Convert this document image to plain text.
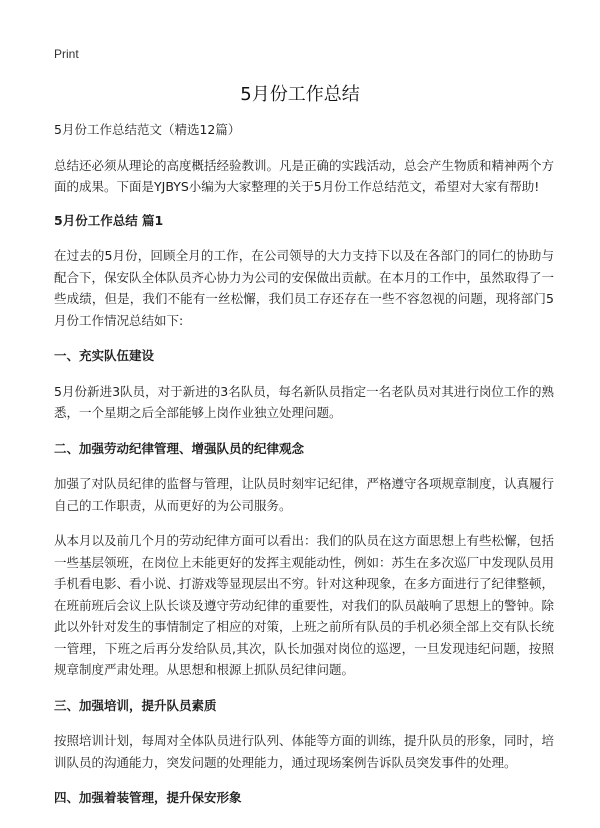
Print
5月份工作总结

5月份工作总结范文（精选12篇）

总结还必须从理论的高度概括经验教训。凡是正确的实践活动，总会产生物质和精神两个方面的成果。下面是YJBYS小编为大家整理的关于5月份工作总结范文，希望对大家有帮助!

5月份工作总结 篇1

在过去的5月份，回顾全月的工作，在公司领导的大力支持下以及在各部门的同仁的协助与配合下，保安队全体队员齐心协力为公司的安保做出贡献。在本月的工作中，虽然取得了一些成绩，但是，我们不能有一丝松懈，我们员工存还存在一些不容忽视的问题，现将部门5月份工作情况总结如下:

一、充实队伍建设

5月份新进3队员，对于新进的3名队员，每名新队员指定一名老队员对其进行岗位工作的熟悉，一个星期之后全部能够上岗作业独立处理问题。

二、加强劳动纪律管理、增强队员的纪律观念

加强了对队员纪律的监督与管理，让队员时刻牢记纪律，严格遵守各项规章制度，认真履行自己的工作职责，从而更好的为公司服务。

从本月以及前几个月的劳动纪律方面可以看出：我们的队员在这方面思想上有些松懈，包括一些基层领班，在岗位上未能更好的发挥主观能动性，例如：苏生在多次巡厂中发现队员用手机看电影、看小说、打游戏等显现层出不穷。针对这种现象，在多方面进行了纪律整顿，在班前班后会议上队长谈及遵守劳动纪律的重要性，对我们的队员敲响了思想上的警钟。除此以外针对发生的事情制定了相应的对策，上班之前所有队员的手机必须全部上交有队长统一管理，下班之后再分发给队员,其次，队长加强对岗位的巡逻，一旦发现违纪问题，按照规章制度严肃处理。从思想和根源上抓队员纪律问题。

三、加强培训，提升队员素质

按照培训计划，每周对全体队员进行队列、体能等方面的训练，提升队员的形象，同时，培训队员的沟通能力，突发问题的处理能力，通过现场案例告诉队员突发事件的处理。

四、加强着装管理，提升保安形象
